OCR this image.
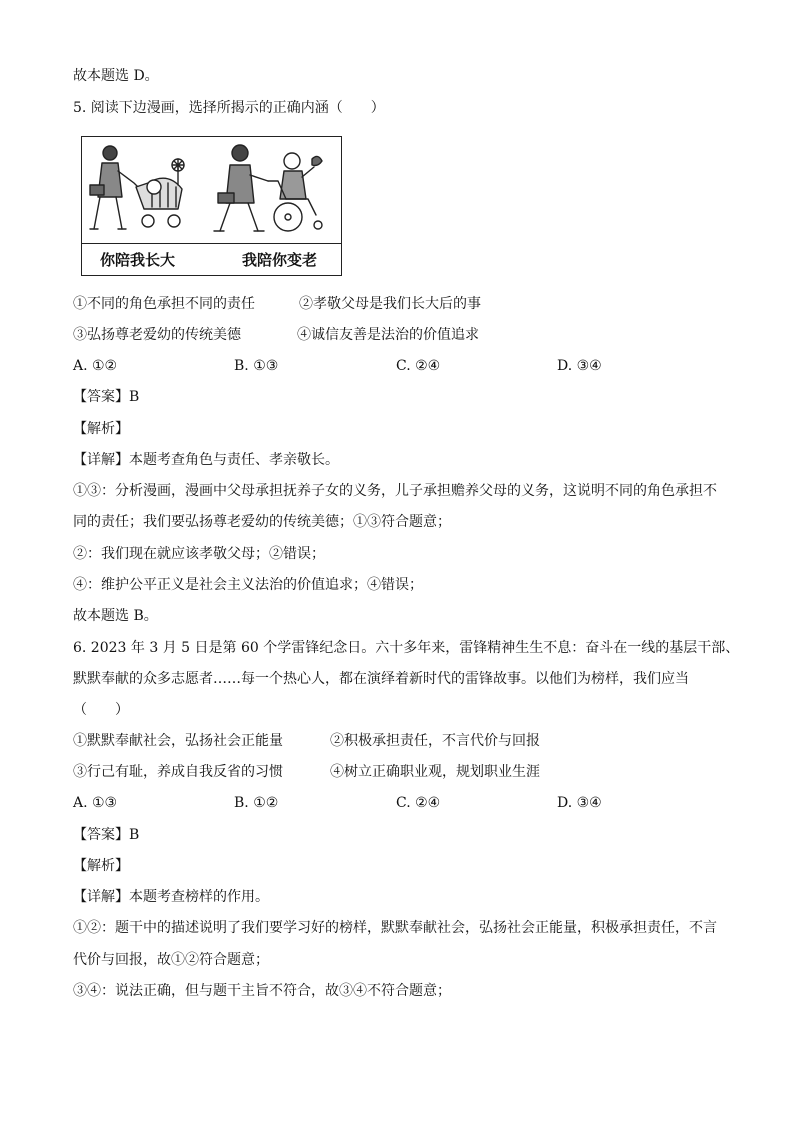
故本题选 D。
5. 阅读下边漫画，选择所揭示的正确内涵（　　）
你陪我长大	我陪你变老
①不同的角色承担不同的责任	②孝敬父母是我们长大后的事
③弘扬尊老爱幼的传统美德	④诚信友善是法治的价值追求
A. ①②	B. ①③	C. ②④	D. ③④
【答案】B
【解析】
【详解】本题考查角色与责任、孝亲敬长。
①③：分析漫画，漫画中父母承担抚养子女的义务，儿子承担赡养父母的义务，这说明不同的角色承担不
同的责任；我们要弘扬尊老爱幼的传统美德；①③符合题意；
②：我们现在就应该孝敬父母；②错误；
④：维护公平正义是社会主义法治的价值追求；④错误；
故本题选 B。
6. 2023 年 3 月 5 日是第 60 个学雷锋纪念日。六十多年来，雷锋精神生生不息：奋斗在一线的基层干部、
默默奉献的众多志愿者……每一个热心人，都在演绎着新时代的雷锋故事。以他们为榜样，我们应当
（　　）
①默默奉献社会，弘扬社会正能量	②积极承担责任，不言代价与回报
③行己有耻，养成自我反省的习惯	④树立正确职业观，规划职业生涯
A. ①③	B. ①②	C. ②④	D. ③④
【答案】B
【解析】
【详解】本题考查榜样的作用。
①②：题干中的描述说明了我们要学习好的榜样，默默奉献社会，弘扬社会正能量，积极承担责任，不言
代价与回报，故①②符合题意；
③④：说法正确，但与题干主旨不符合，故③④不符合题意；
